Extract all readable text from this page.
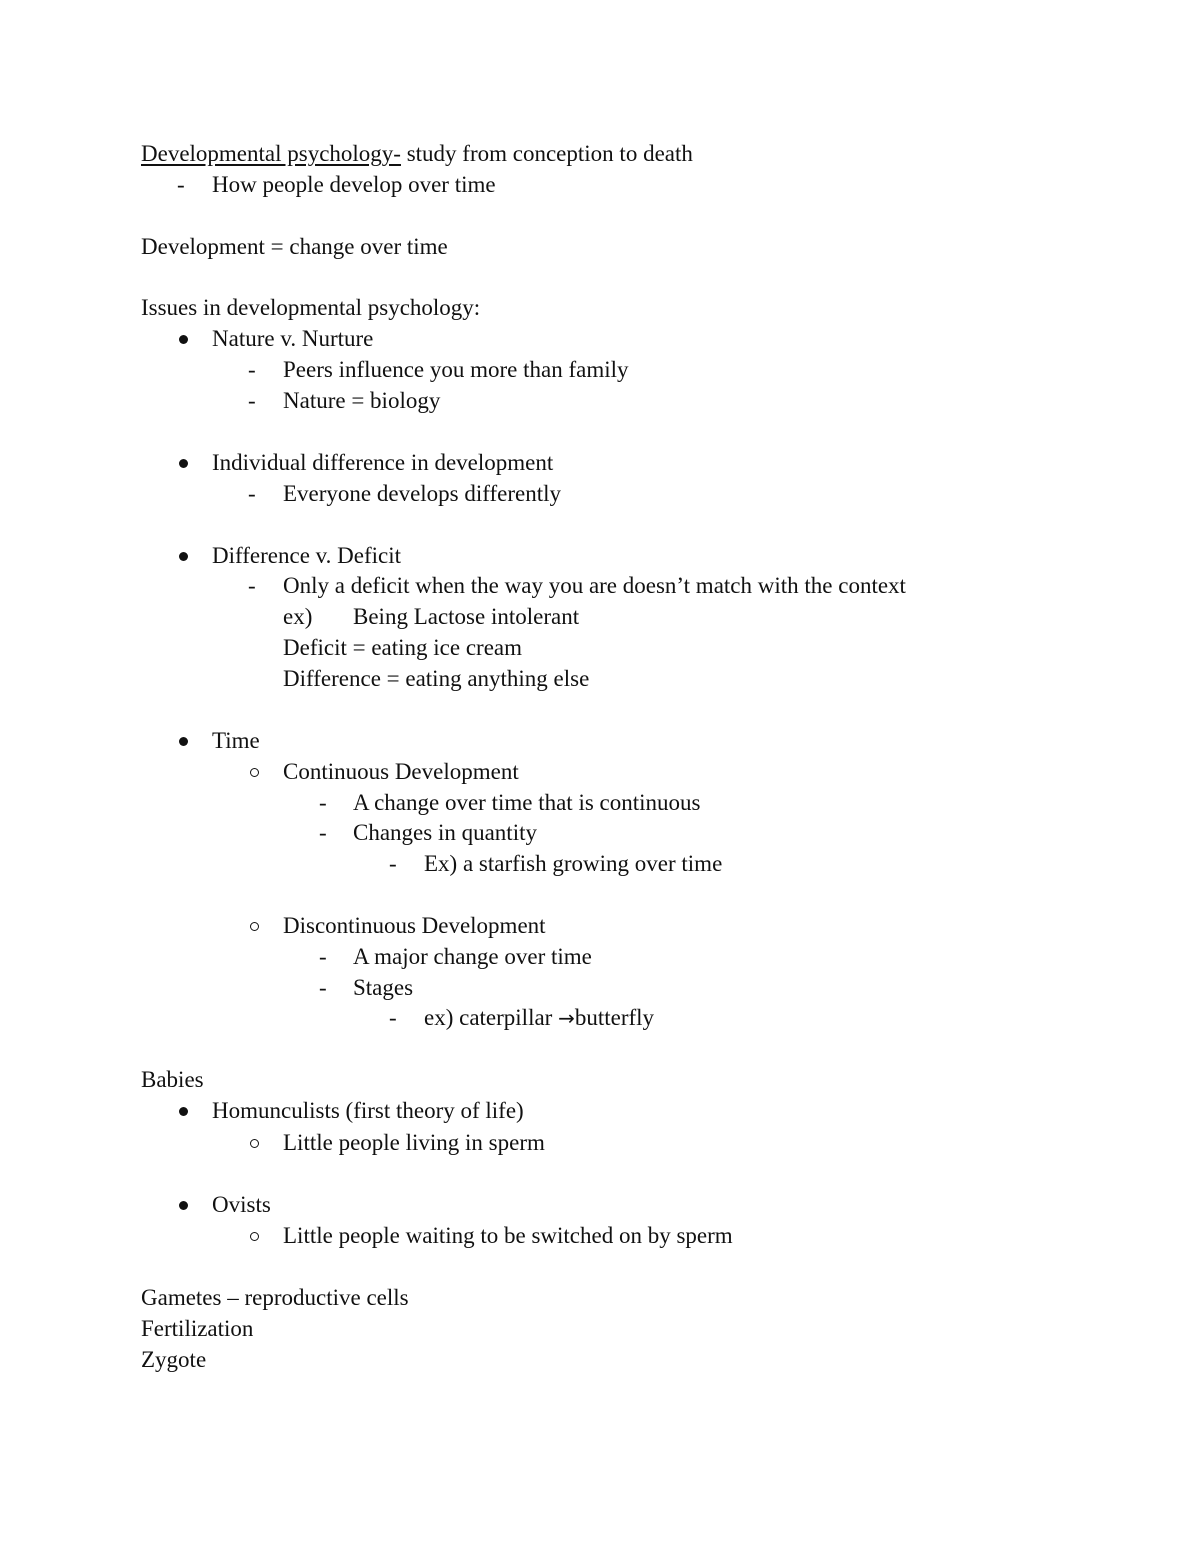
Developmental psychology- study from conception to death
- How people develop over time
Development = change over time
Issues in developmental psychology:
Nature v. Nurture
- Peers influence you more than family
- Nature = biology
Individual difference in development
- Everyone develops differently
Difference v. Deficit
- Only a deficit when the way you are doesn’t match with the context
ex) Being Lactose intolerant
Deficit = eating ice cream
Difference = eating anything else
Time
Continuous Development
- A change over time that is continuous
- Changes in quantity
- Ex) a starfish growing over time
Discontinuous Development
- A major change over time
- Stages
- ex) caterpillar →butterfly
Babies
Homunculists (first theory of life)
Little people living in sperm
Ovists
Little people waiting to be switched on by sperm
Gametes – reproductive cells
Fertilization
Zygote
